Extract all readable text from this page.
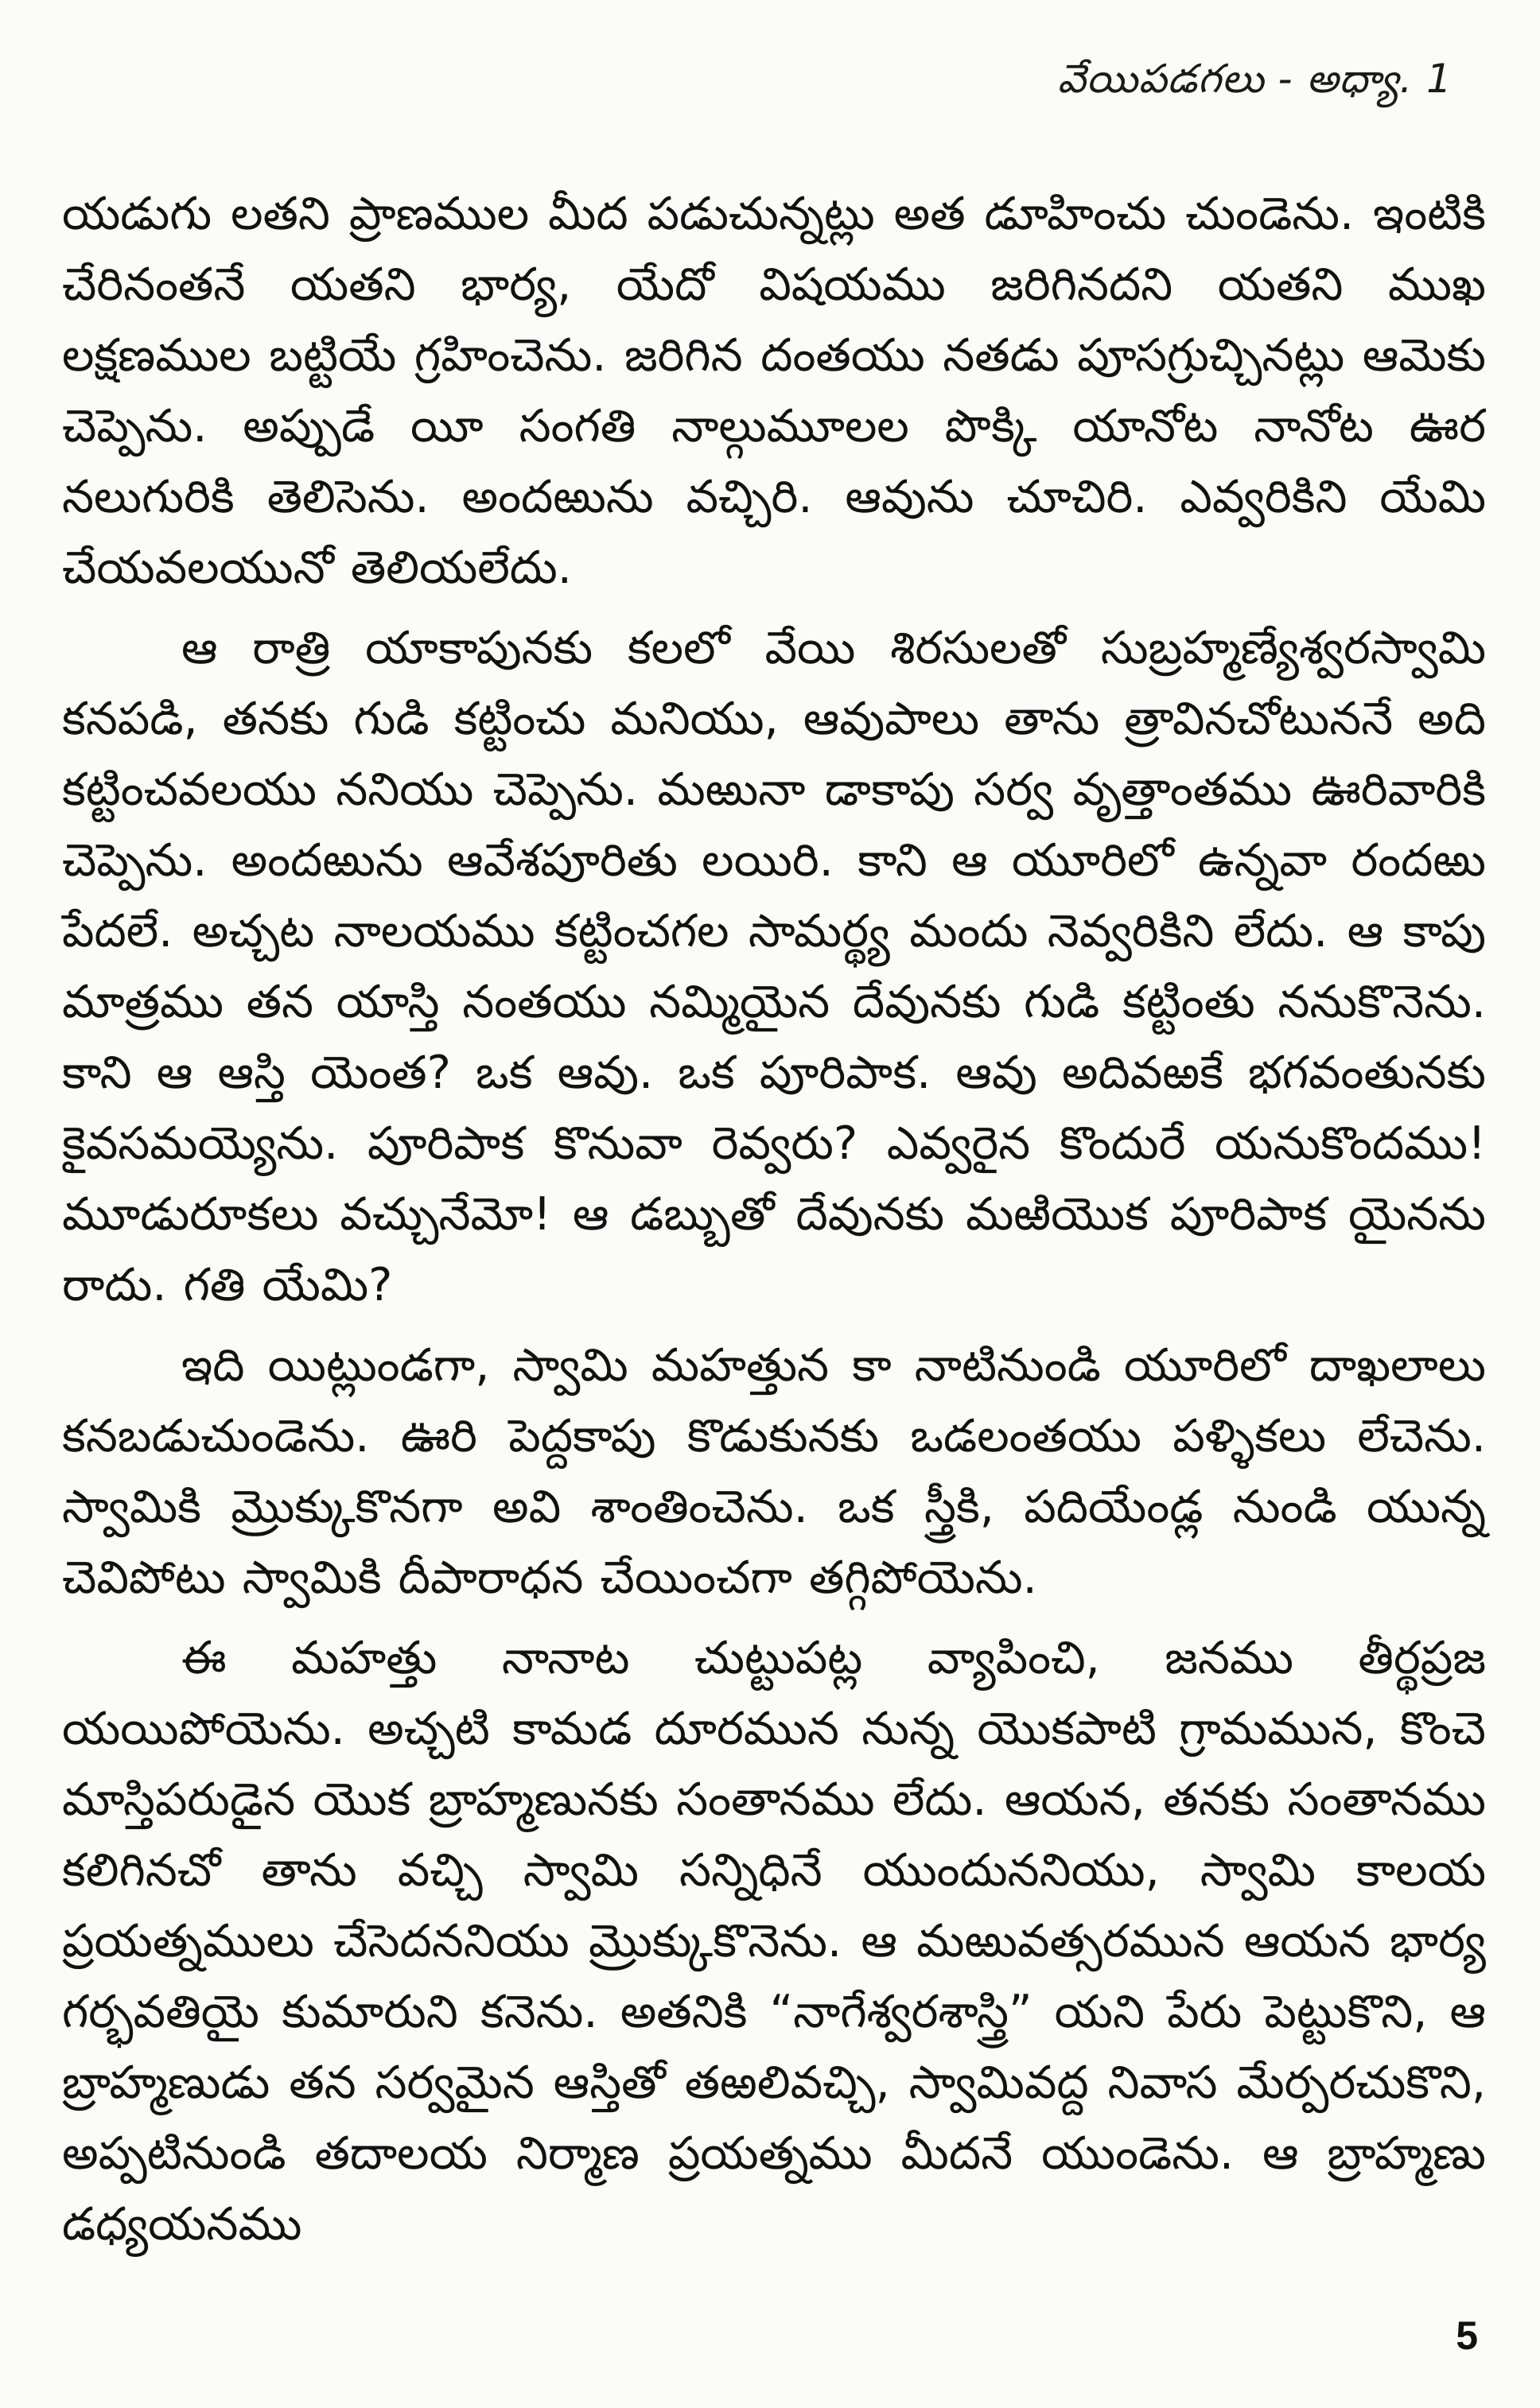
వేయిపడగలు - అధ్యా. 1

యడుగు లతని ప్రాణముల మీద పడుచున్నట్లు అత డూహించు చుండెను. ఇంటికి చేరినంతనే యతని భార్య, యేదో విషయము జరిగినదని యతని ముఖ లక్షణముల బట్టియే గ్రహించెను. జరిగిన దంతయు నతడు పూసగ్రుచ్చినట్లు ఆమెకు చెప్పెను. అప్పుడే యీ సంగతి నాల్గుమూలల పొక్కి యానోట నానోట ఊర నలుగురికి తెలిసెను. అందఱును వచ్చిరి. ఆవును చూచిరి. ఎవ్వరికిని యేమి చేయవలయునో తెలియలేదు.

ఆ రాత్రి యాకాపునకు కలలో వేయి శిరసులతో సుబ్రహ్మణ్యేశ్వరస్వామి కనపడి, తనకు గుడి కట్టించు మనియు, ఆవుపాలు తాను త్రావినచోటుననే అది కట్టించవలయు ననియు చెప్పెను. మఱునా డాకాపు సర్వ వృత్తాంతము ఊరివారికి చెప్పెను. అందఱును ఆవేశపూరితు లయిరి. కాని ఆ యూరిలో ఉన్నవా రందఱు పేదలే. అచ్చట నాలయము కట్టించగల సామర్థ్య మందు నెవ్వరికిని లేదు. ఆ కాపు మాత్రము తన యాస్తి నంతయు నమ్మియైన దేవునకు గుడి కట్టింతు ననుకొనెను. కాని ఆ ఆస్తి యెంత? ఒక ఆవు. ఒక పూరిపాక. ఆవు అదివఱకే భగవంతునకు కైవసమయ్యెను. పూరిపాక కొనువా రెవ్వరు? ఎవ్వరైన కొందురే యనుకొందము! మూడురూకలు వచ్చునేమో! ఆ డబ్బుతో దేవునకు మఱియొక పూరిపాక యైనను రాదు. గతి యేమి?

ఇది యిట్లుండగా, స్వామి మహత్తున కా నాటినుండి యూరిలో దాఖలాలు కనబడుచుండెను. ఊరి పెద్దకాపు కొడుకునకు ఒడలంతయు పళ్ళికలు లేచెను. స్వామికి మ్రొక్కుకొనగా అవి శాంతించెను. ఒక స్త్రీకి, పదియేండ్ల నుండి యున్న చెవిపోటు స్వామికి దీపారాధన చేయించగా తగ్గిపోయెను.

ఈ మహత్తు నానాట చుట్టుపట్ల వ్యాపించి, జనము తీర్థప్రజ యయిపోయెను. అచ్చటి కామడ దూరమున నున్న యొకపాటి గ్రామమున, కొంచె మాస్తిపరుడైన యొక బ్రాహ్మణునకు సంతానము లేదు. ఆయన, తనకు సంతానము కలిగినచో తాను వచ్చి స్వామి సన్నిధినే యుందుననియు, స్వామి కాలయ ప్రయత్నములు చేసెదననియు మ్రొక్కుకొనెను. ఆ మఱువత్సరమున ఆయన భార్య గర్భవతియై కుమారుని కనెను. అతనికి “నాగేశ్వరశాస్త్రి” యని పేరు పెట్టుకొని, ఆ బ్రాహ్మణుడు తన సర్వమైన ఆస్తితో తఱలివచ్చి, స్వామివద్ద నివాస మేర్పరచుకొని, అప్పటినుండి తదాలయ నిర్మాణ ప్రయత్నము మీదనే యుండెను. ఆ బ్రాహ్మణు డధ్యయనము

5
